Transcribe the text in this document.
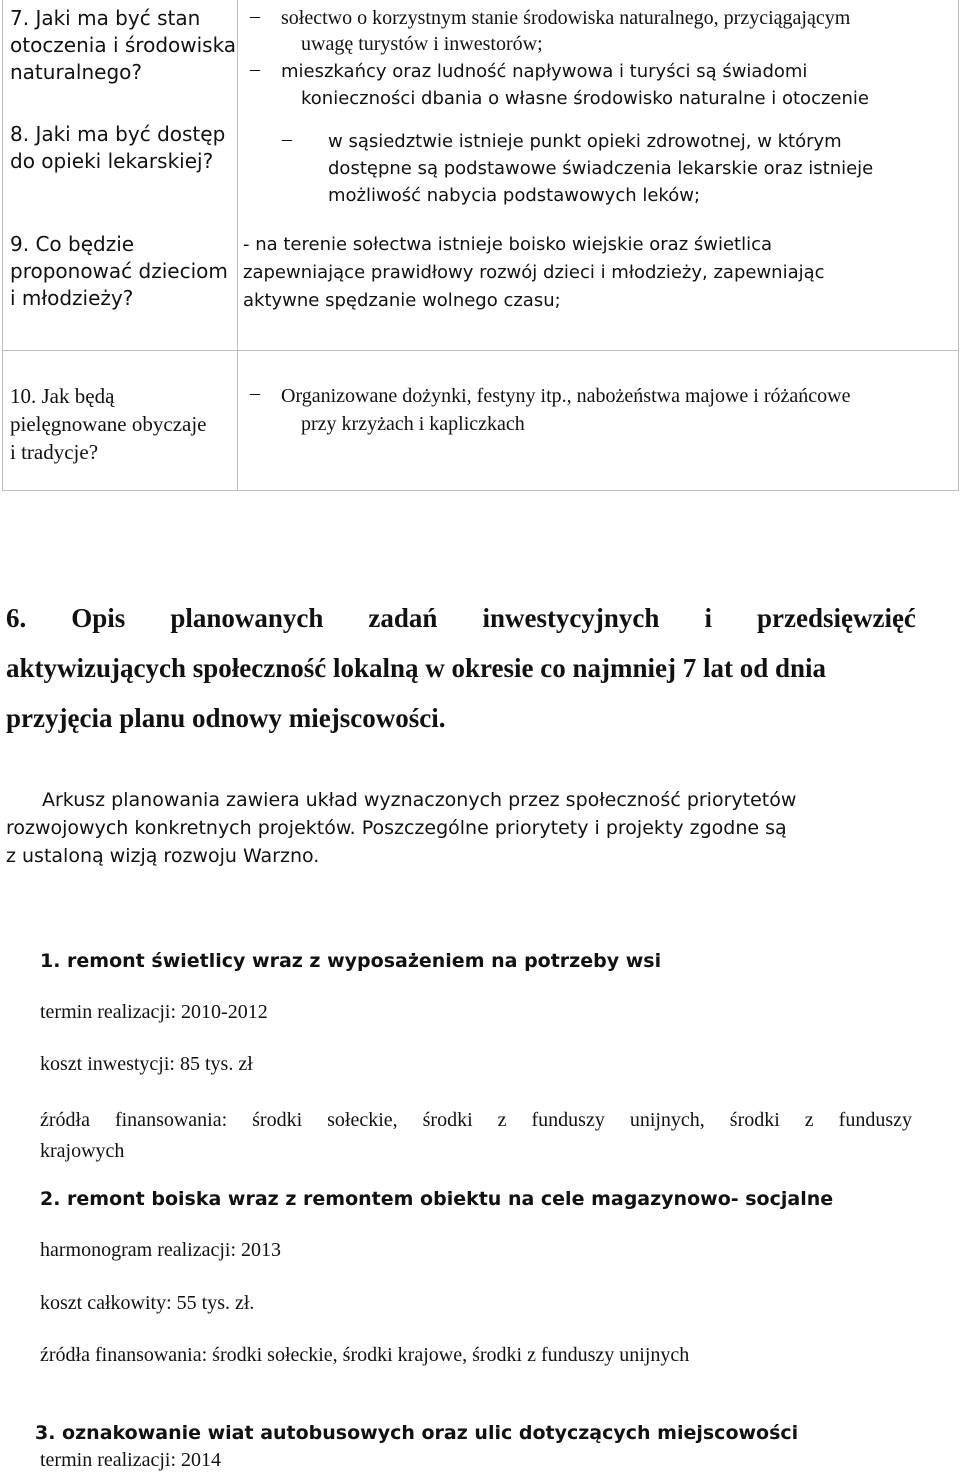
7. Jaki ma być stan
otoczenia i środowiska
naturalnego?
8. Jaki ma być dostęp
do opieki lekarskiej?
9. Co będzie
proponować dzieciom
i młodzieży?
– sołectwo o korzystnym stanie środowiska naturalnego, przyciągającym
uwagę turystów i inwestorów;
– mieszkańcy oraz ludność napływowa i turyści są świadomi
konieczności dbania o własne środowisko naturalne i otoczenie
– w sąsiedztwie istnieje punkt opieki zdrowotnej, w którym
dostępne są podstawowe świadczenia lekarskie oraz istnieje
możliwość nabycia podstawowych leków;
- na terenie sołectwa istnieje boisko wiejskie oraz świetlica
zapewniające prawidłowy rozwój dzieci i młodzieży, zapewniając
aktywne spędzanie wolnego czasu;
10. Jak będą
pielęgnowane obyczaje
i tradycje?
– Organizowane dożynki, festyny itp., nabożeństwa majowe i różańcowe
przy krzyżach i kapliczkach
6. Opis planowanych zadań inwestycyjnych i przedsięwzięć
aktywizujących społeczność lokalną w okresie co najmniej 7 lat od dnia
przyjęcia planu odnowy miejscowości.
Arkusz planowania zawiera układ wyznaczonych przez społeczność priorytetów
rozwojowych konkretnych projektów. Poszczególne priorytety i projekty zgodne są
z ustaloną wizją rozwoju Warzno.
1. remont świetlicy wraz z wyposażeniem na potrzeby wsi
termin realizacji: 2010-2012
koszt inwestycji: 85 tys. zł
źródła finansowania: środki sołeckie, środki z funduszy unijnych, środki z funduszy
krajowych
2. remont boiska wraz z remontem obiektu na cele magazynowo- socjalne
harmonogram realizacji: 2013
koszt całkowity: 55 tys. zł.
źródła finansowania: środki sołeckie, środki krajowe, środki z funduszy unijnych
3. oznakowanie wiat autobusowych oraz ulic dotyczących miejscowości
termin realizacji: 2014
